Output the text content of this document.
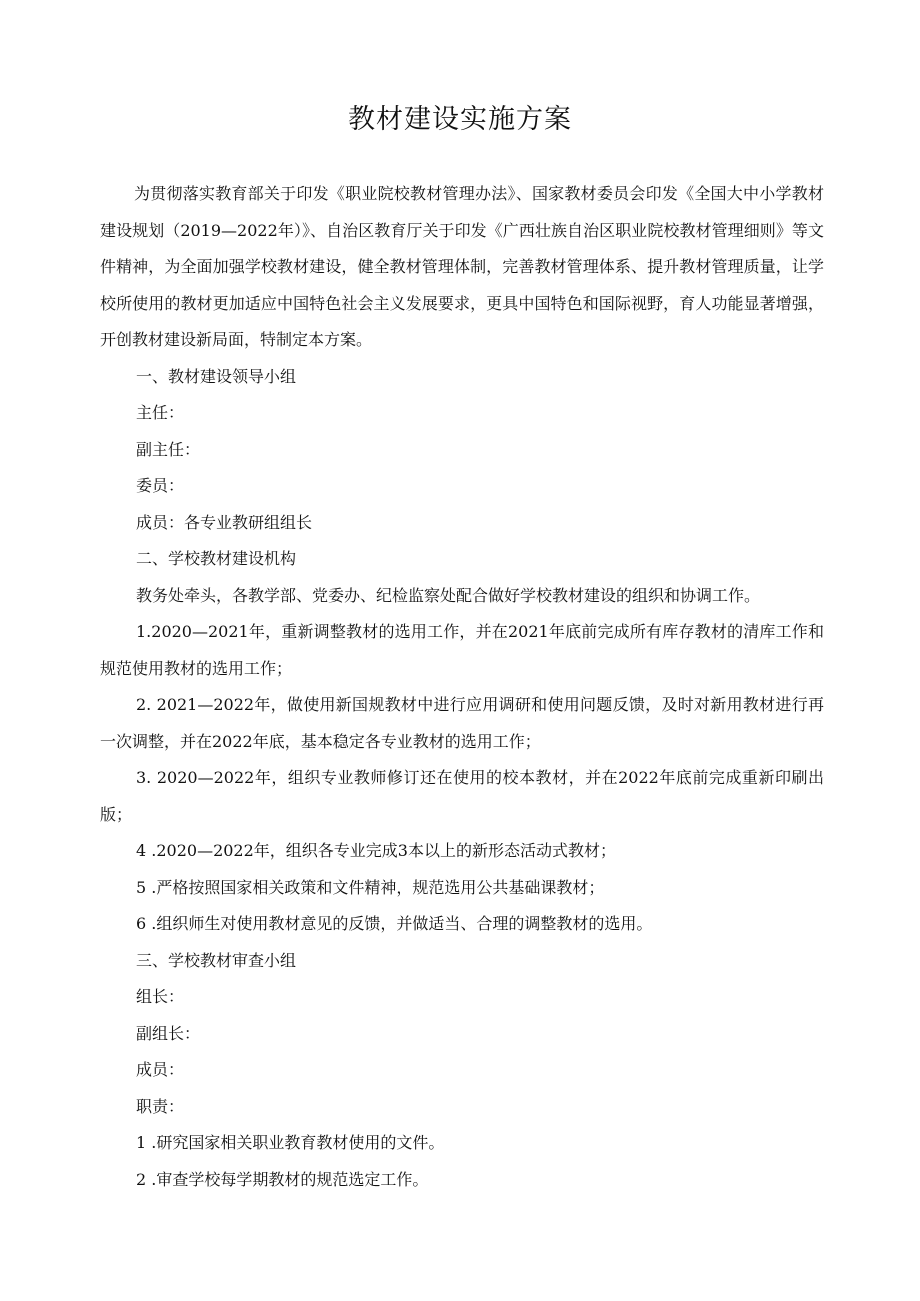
教材建设实施方案

为贯彻落实教育部关于印发《职业院校教材管理办法》、国家教材委员会印发《全国大中小学教材建设规划（2019—2022年）》、自治区教育厅关于印发《广西壮族自治区职业院校教材管理细则》等文件精神，为全面加强学校教材建设，健全教材管理体制，完善教材管理体系、提升教材管理质量，让学校所使用的教材更加适应中国特色社会主义发展要求，更具中国特色和国际视野，育人功能显著增强，开创教材建设新局面，特制定本方案。

一、教材建设领导小组

主任：

副主任：

委员：

成员：各专业教研组组长

二、学校教材建设机构

教务处牵头，各教学部、党委办、纪检监察处配合做好学校教材建设的组织和协调工作。

1.2020—2021年，重新调整教材的选用工作，并在2021年底前完成所有库存教材的清库工作和规范使用教材的选用工作；

2. 2021—2022年，做使用新国规教材中进行应用调研和使用问题反馈，及时对新用教材进行再一次调整，并在2022年底，基本稳定各专业教材的选用工作；

3. 2020—2022年，组织专业教师修订还在使用的校本教材，并在2022年底前完成重新印刷出版；

4 .2020—2022年，组织各专业完成3本以上的新形态活动式教材；

5 .严格按照国家相关政策和文件精神，规范选用公共基础课教材；

6 .组织师生对使用教材意见的反馈，并做适当、合理的调整教材的选用。

三、学校教材审查小组

组长：

副组长：

成员：

职责：

1 .研究国家相关职业教育教材使用的文件。

2 .审查学校每学期教材的规范选定工作。
